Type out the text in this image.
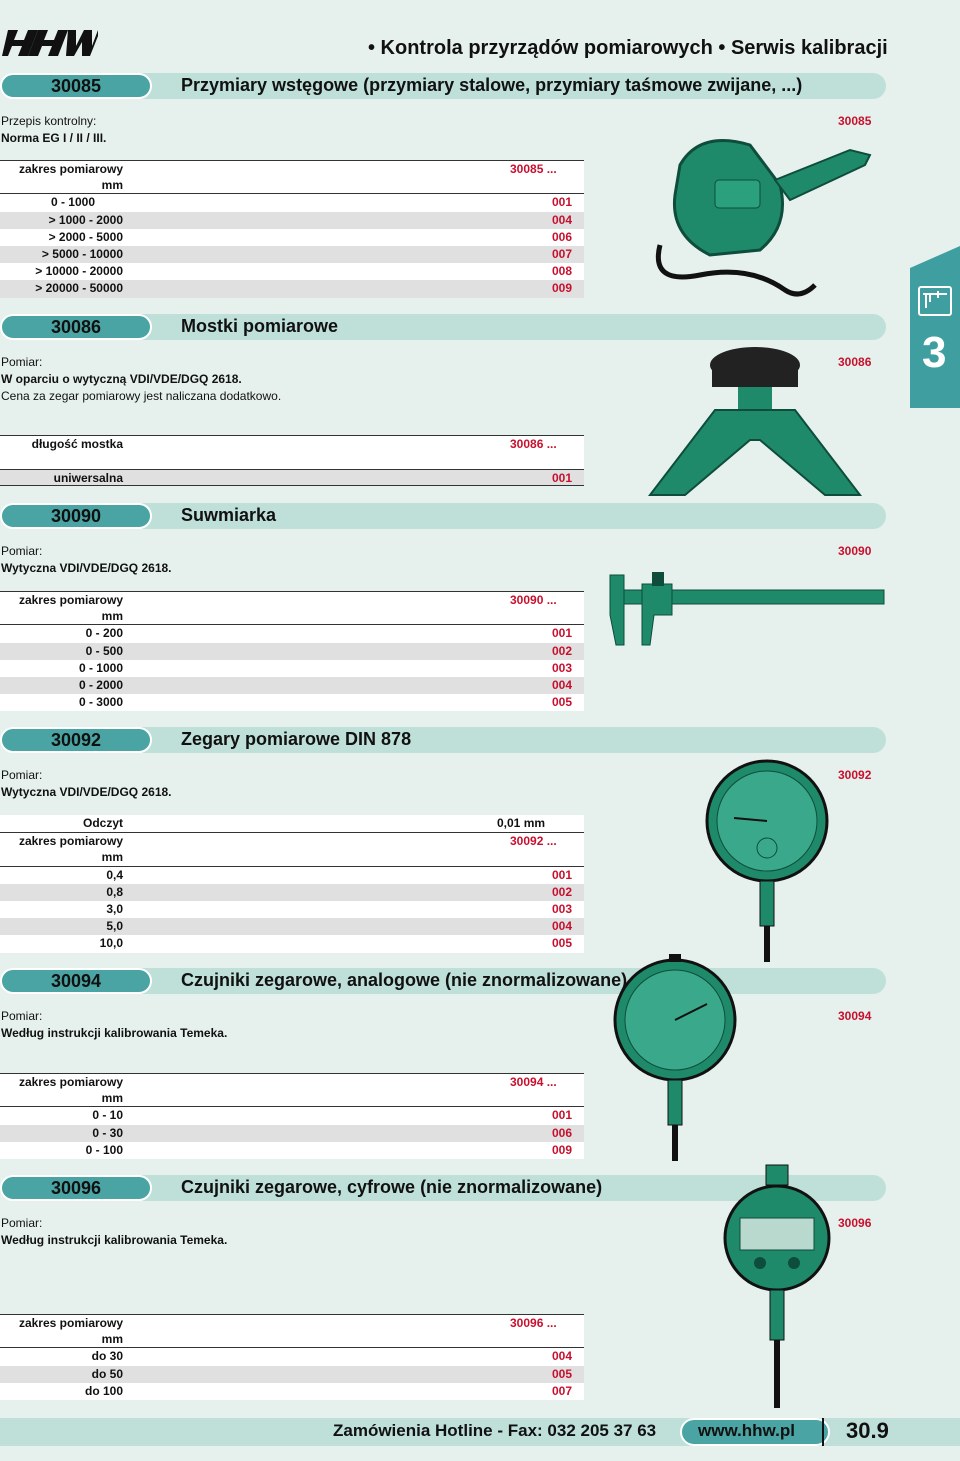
• Kontrola przyrządów pomiarowych • Serwis kalibracji
3
30085	Przymiary wstęgowe (przymiary stalowe, przymiary taśmowe zwijane, ...)
Przepis kontrolny:
Norma EG I / II / III.
30085
zakres pomiarowy	30085 ...
mm
0 - 1000	001
> 1000 - 2000	004
> 2000 - 5000	006
> 5000 - 10000	007
> 10000 - 20000	008
> 20000 - 50000	009
30086	Mostki pomiarowe
Pomiar:
W oparciu o wytyczną VDI/VDE/DGQ 2618.
Cena za zegar pomiarowy jest naliczana dodatkowo.
30086
długość mostka	30086 ...
uniwersalna	001
30090	Suwmiarka
Pomiar:
Wytyczna VDI/VDE/DGQ 2618.
30090
zakres pomiarowy	30090 ...
mm
0 - 200	001
0 - 500	002
0 - 1000	003
0 - 2000	004
0 - 3000	005
30092	Zegary pomiarowe DIN 878
Pomiar:
Wytyczna VDI/VDE/DGQ 2618.
30092
Odczyt	0,01 mm
zakres pomiarowy	30092 ...
mm
0,4	001
0,8	002
3,0	003
5,0	004
10,0	005
30094	Czujniki zegarowe, analogowe (nie znormalizowane)
Pomiar:
Według instrukcji kalibrowania Temeka.
30094
zakres pomiarowy	30094 ...
mm
0 - 10	001
0 - 30	006
0 - 100	009
30096	Czujniki zegarowe, cyfrowe (nie znormalizowane)
Pomiar:
Według instrukcji kalibrowania Temeka.
30096
zakres pomiarowy	30096 ...
mm
do 30	004
do 50	005
do 100	007
Zamówienia Hotline - Fax: 032 205 37 63 www.hhw.pl 30.9
